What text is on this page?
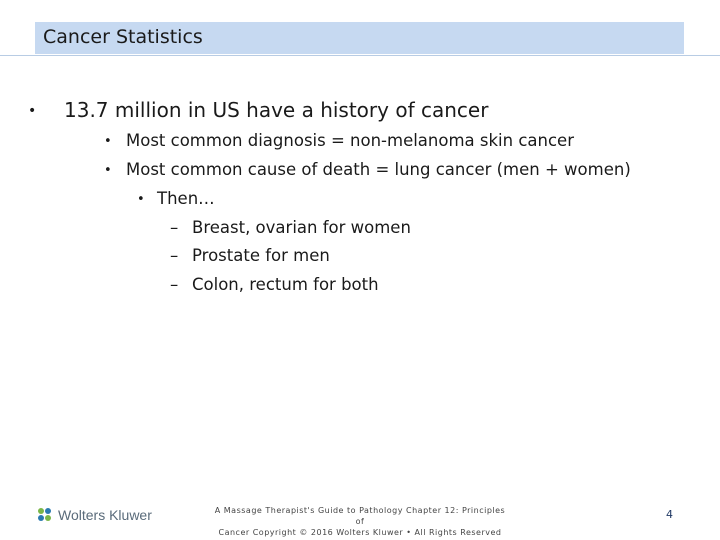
Cancer Statistics
•	13.7 million in US have a history of cancer
• Most common diagnosis = non-melanoma skin cancer
• Most common cause of death = lung cancer (men + women)
• Then…
– Breast, ovarian for women
– Prostate for men
– Colon, rectum for both
Wolters Kluwer	A Massage Therapist's Guide to Pathology Chapter 12: Principles of
Cancer Copyright © 2016 Wolters Kluwer • All Rights Reserved
4
